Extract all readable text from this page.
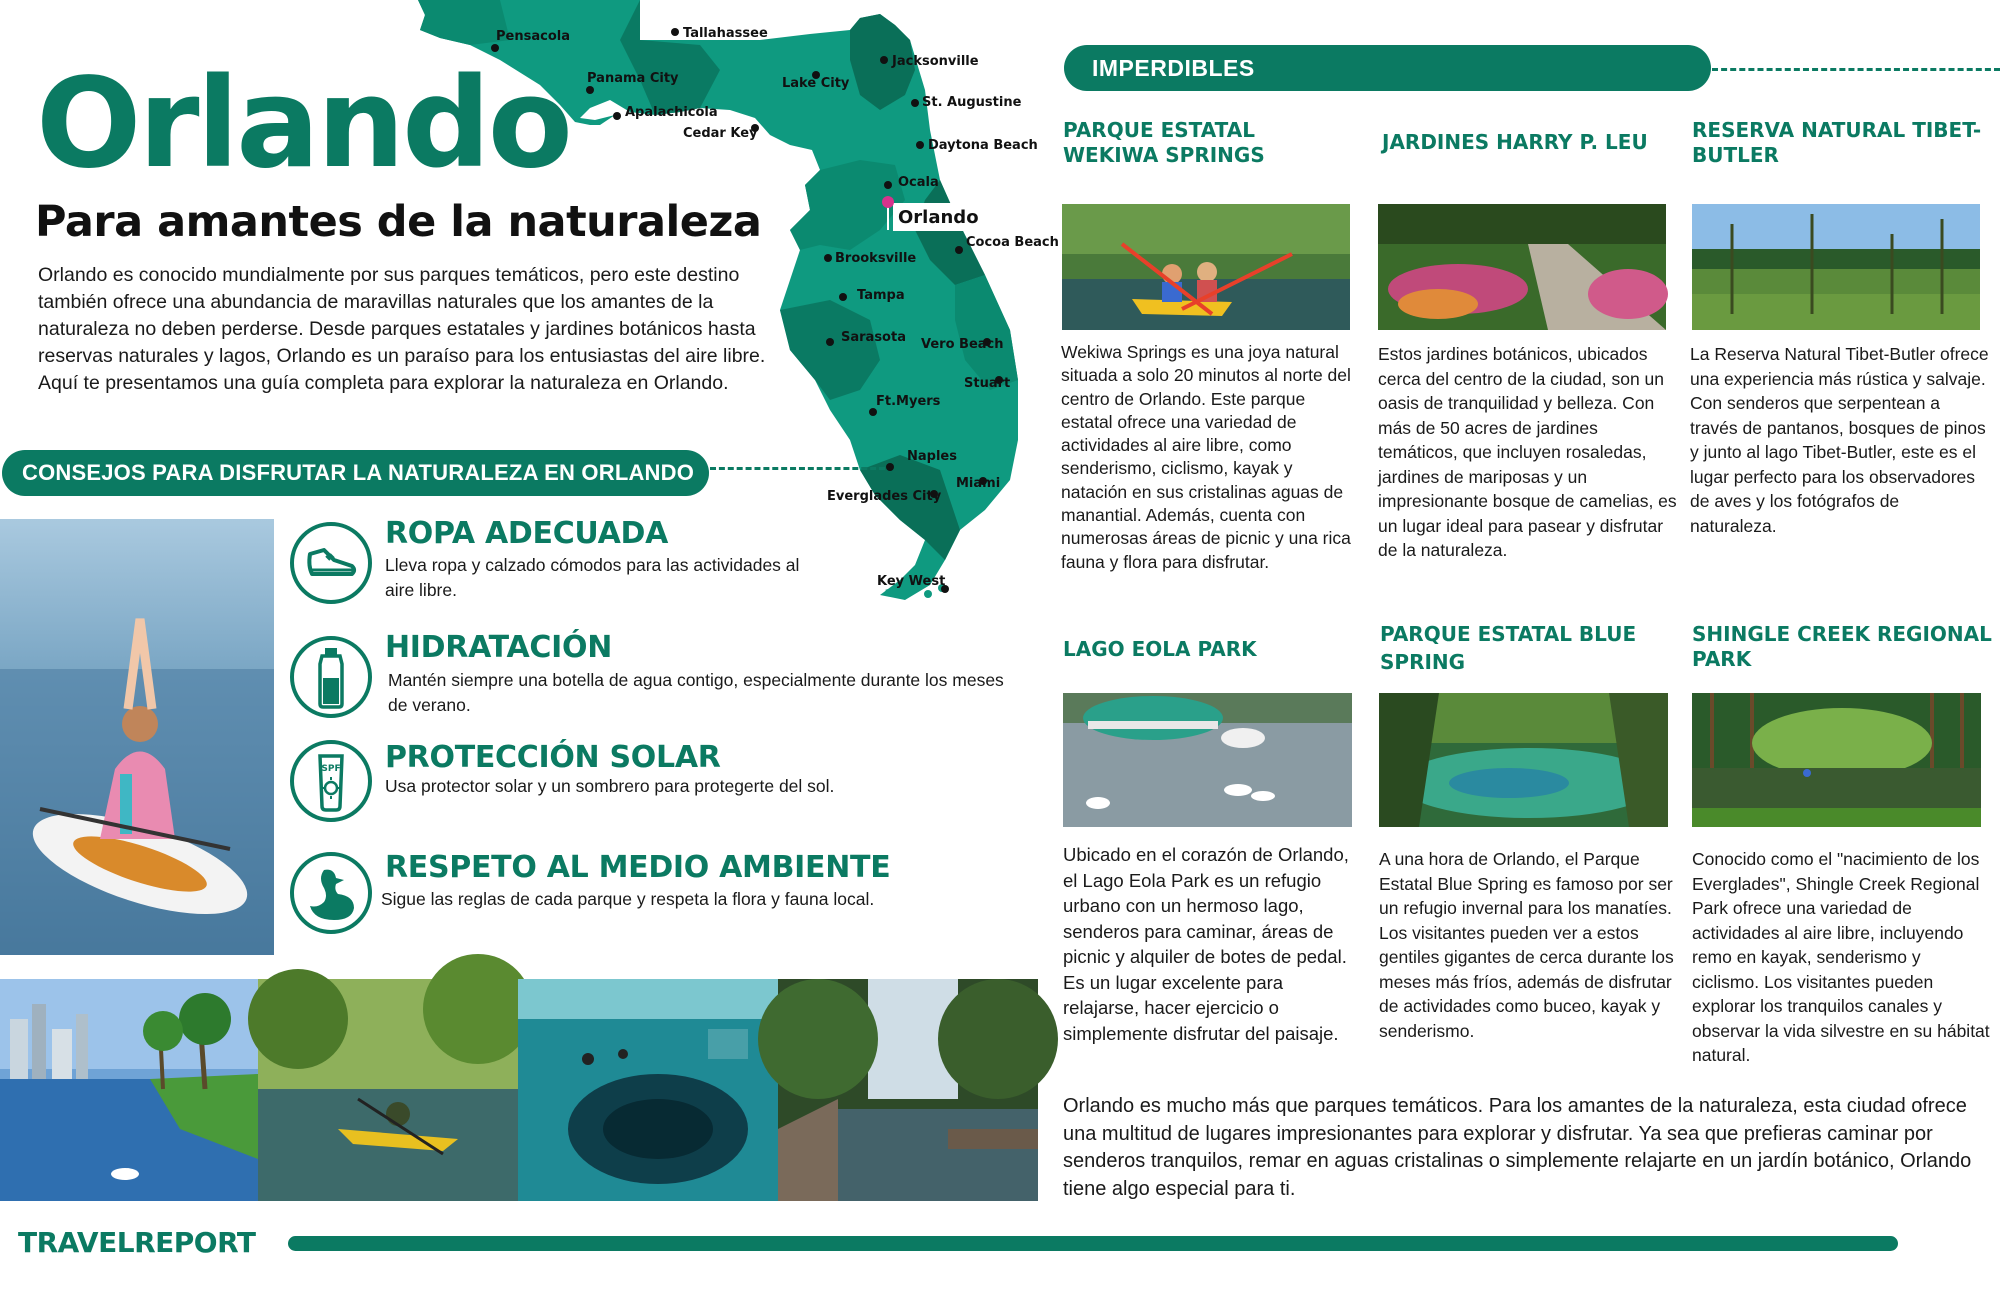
Orlando
Para amantes de la naturaleza
Orlando es conocido mundialmente por sus parques temáticos, pero este destino también ofrece una abundancia de maravillas naturales que los amantes de la naturaleza no deben perderse. Desde parques estatales y jardines botánicos hasta reservas naturales y lagos, Orlando es un paraíso para los entusiastas del aire libre. Aquí te presentamos una guía completa para explorar la naturaleza en Orlando.
Pensacola	Tallahassee
Jacksonville
Panama City	Lake City
St. Augustine
Apalachicola
Cedar Key
Daytona Beach
Ocala
Cocoa Beach
Brooksville
Tampa
Sarasota Vero Beach
Stuart
Ft.Myers
Naples
Miami
Everglades City
Key West
Orlando
CONSEJOS PARA DISFRUTAR LA NATURALEZA EN ORLANDO
ROPA ADECUADA
Lleva ropa y calzado cómodos para las actividades al aire libre.
HIDRATACIÓN
Mantén siempre una botella de agua contigo, especialmente durante los meses de verano.
SPF PROTECCIÓN SOLAR
Usa protector solar y un sombrero para protegerte del sol.
RESPETO AL MEDIO AMBIENTE
Sigue las reglas de cada parque y respeta la flora y fauna local.
IMPERDIBLES
PARQUE ESTATAL WEKIWA SPRINGS
Wekiwa Springs es una joya natural situada a solo 20 minutos al norte del centro de Orlando. Este parque estatal ofrece una variedad de actividades al aire libre, como senderismo, ciclismo, kayak y natación en sus cristalinas aguas de manantial. Además, cuenta con numerosas áreas de picnic y una rica fauna y flora para disfrutar.
JARDINES HARRY P. LEU
Estos jardines botánicos, ubicados cerca del centro de la ciudad, son un oasis de tranquilidad y belleza. Con más de 50 acres de jardines temáticos, que incluyen rosaledas, jardines de mariposas y un impresionante bosque de camelias, es un lugar ideal para pasear y disfrutar de la naturaleza.
RESERVA NATURAL TIBET-BUTLER
La Reserva Natural Tibet-Butler ofrece una experiencia más rústica y salvaje. Con senderos que serpentean a través de pantanos, bosques de pinos y junto al lago Tibet-Butler, este es el lugar perfecto para los observadores de aves y los fotógrafos de naturaleza.
LAGO EOLA PARK
Ubicado en el corazón de Orlando, el Lago Eola Park es un refugio urbano con un hermoso lago, senderos para caminar, áreas de picnic y alquiler de botes de pedal. Es un lugar excelente para relajarse, hacer ejercicio o simplemente disfrutar del paisaje.
PARQUE ESTATAL BLUE SPRING
A una hora de Orlando, el Parque Estatal Blue Spring es famoso por ser un refugio invernal para los manatíes. Los visitantes pueden ver a estos gentiles gigantes de cerca durante los meses más fríos, además de disfrutar de actividades como buceo, kayak y senderismo.
SHINGLE CREEK REGIONAL PARK
Conocido como el "nacimiento de los Everglades", Shingle Creek Regional Park ofrece una variedad de actividades al aire libre, incluyendo remo en kayak, senderismo y ciclismo. Los visitantes pueden explorar los tranquilos canales y observar la vida silvestre en su hábitat natural.
Orlando es mucho más que parques temáticos. Para los amantes de la naturaleza, esta ciudad ofrece una multitud de lugares impresionantes para explorar y disfrutar. Ya sea que prefieras caminar por senderos tranquilos, remar en aguas cristalinas o simplemente relajarte en un jardín botánico, Orlando tiene algo especial para ti.
TRAVELREPORT
